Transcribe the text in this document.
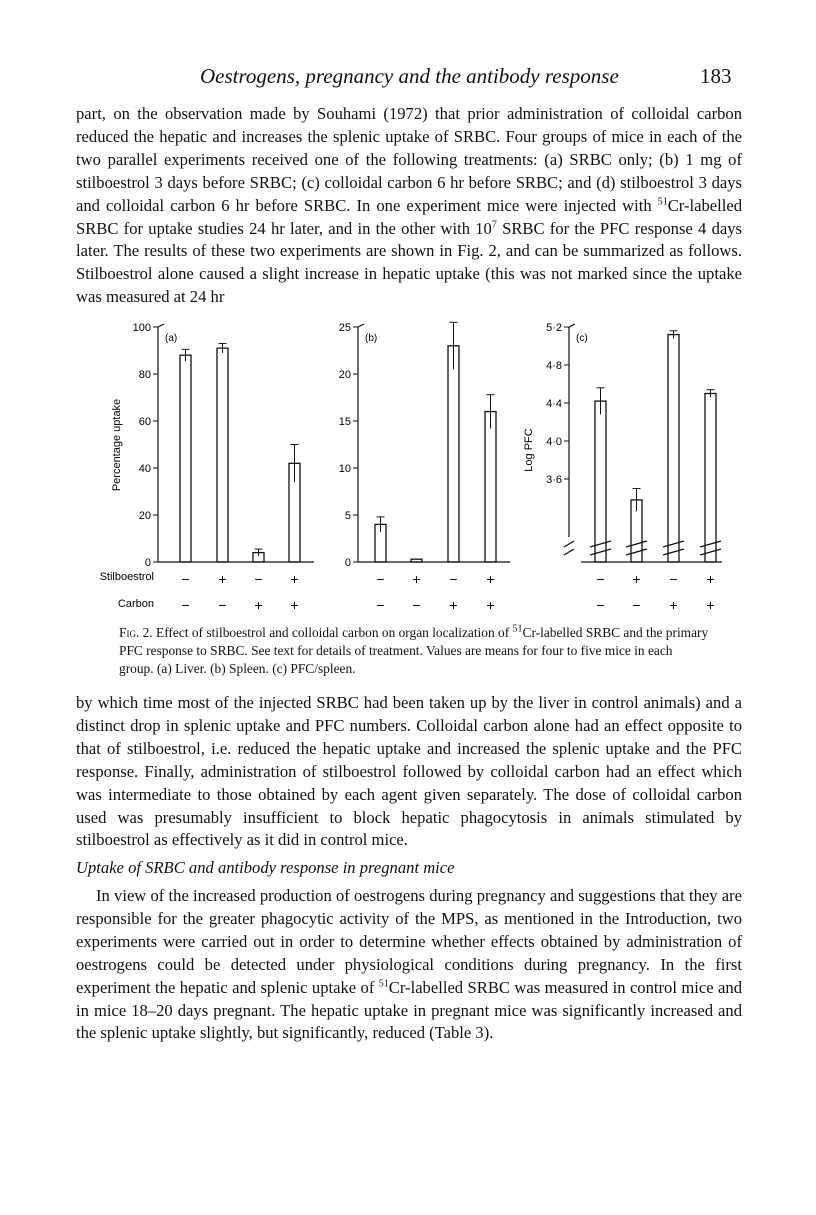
Oestrogens, pregnancy and the antibody response	183

part, on the observation made by Souhami (1972) that prior administration of colloidal carbon reduced the hepatic and increases the splenic uptake of SRBC. Four groups of mice in each of the two parallel experiments received one of the following treatments: (a) SRBC only; (b) 1 mg of stilboestrol 3 days before SRBC; (c) colloidal carbon 6 hr before SRBC; and (d) stilboestrol 3 days and colloidal carbon 6 hr before SRBC. In one experiment mice were injected with $^{51}$Cr-labelled SRBC for uptake studies 24 hr later, and in the other with $10^7$ SRBC for the PFC response 4 days later. The results of these two experiments are shown in Fig. 2, and can be summarized as follows. Stilboestrol alone caused a slight increase in hepatic uptake (this was not marked since the uptake was measured at 24 hr

0
20
40
60
80
100
(a)
Percentage uptake
−
−
+
−
−
+
+
+
0
5
10
15
20
25
(b)
−
−
+
−
−
+
+
+
3·6
4·0
4·4
4·8
5·2
(c)
Log PFC
−
−
+
−
−
+
+
+
Stilboestrol
Carbon

Fig. 2. Effect of stilboestrol and colloidal carbon on organ localization of $^{51}$Cr-labelled SRBC and the primary PFC response to SRBC. See text for details of treatment. Values are means for four to five mice in each group. (a) Liver. (b) Spleen. (c) PFC/spleen.

by which time most of the injected SRBC had been taken up by the liver in control animals) and a distinct drop in splenic uptake and PFC numbers. Colloidal carbon alone had an effect opposite to that of stilboestrol, i.e. reduced the hepatic uptake and increased the splenic uptake and the PFC response. Finally, administration of stilboestrol followed by colloidal carbon had an effect which was intermediate to those obtained by each agent given separately. The dose of colloidal carbon used was presumably insufficient to block hepatic phagocytosis in animals stimulated by stilboestrol as effectively as it did in control mice.

Uptake of SRBC and antibody response in pregnant mice

In view of the increased production of oestrogens during pregnancy and suggestions that they are responsible for the greater phagocytic activity of the MPS, as mentioned in the Introduction, two experiments were carried out in order to determine whether effects obtained by administration of oestrogens could be detected under physiological conditions during pregnancy. In the first experiment the hepatic and splenic uptake of $^{51}$Cr-labelled SRBC was measured in control mice and in mice 18–20 days pregnant. The hepatic uptake in pregnant mice was significantly increased and the splenic uptake slightly, but significantly, reduced (Table 3).
